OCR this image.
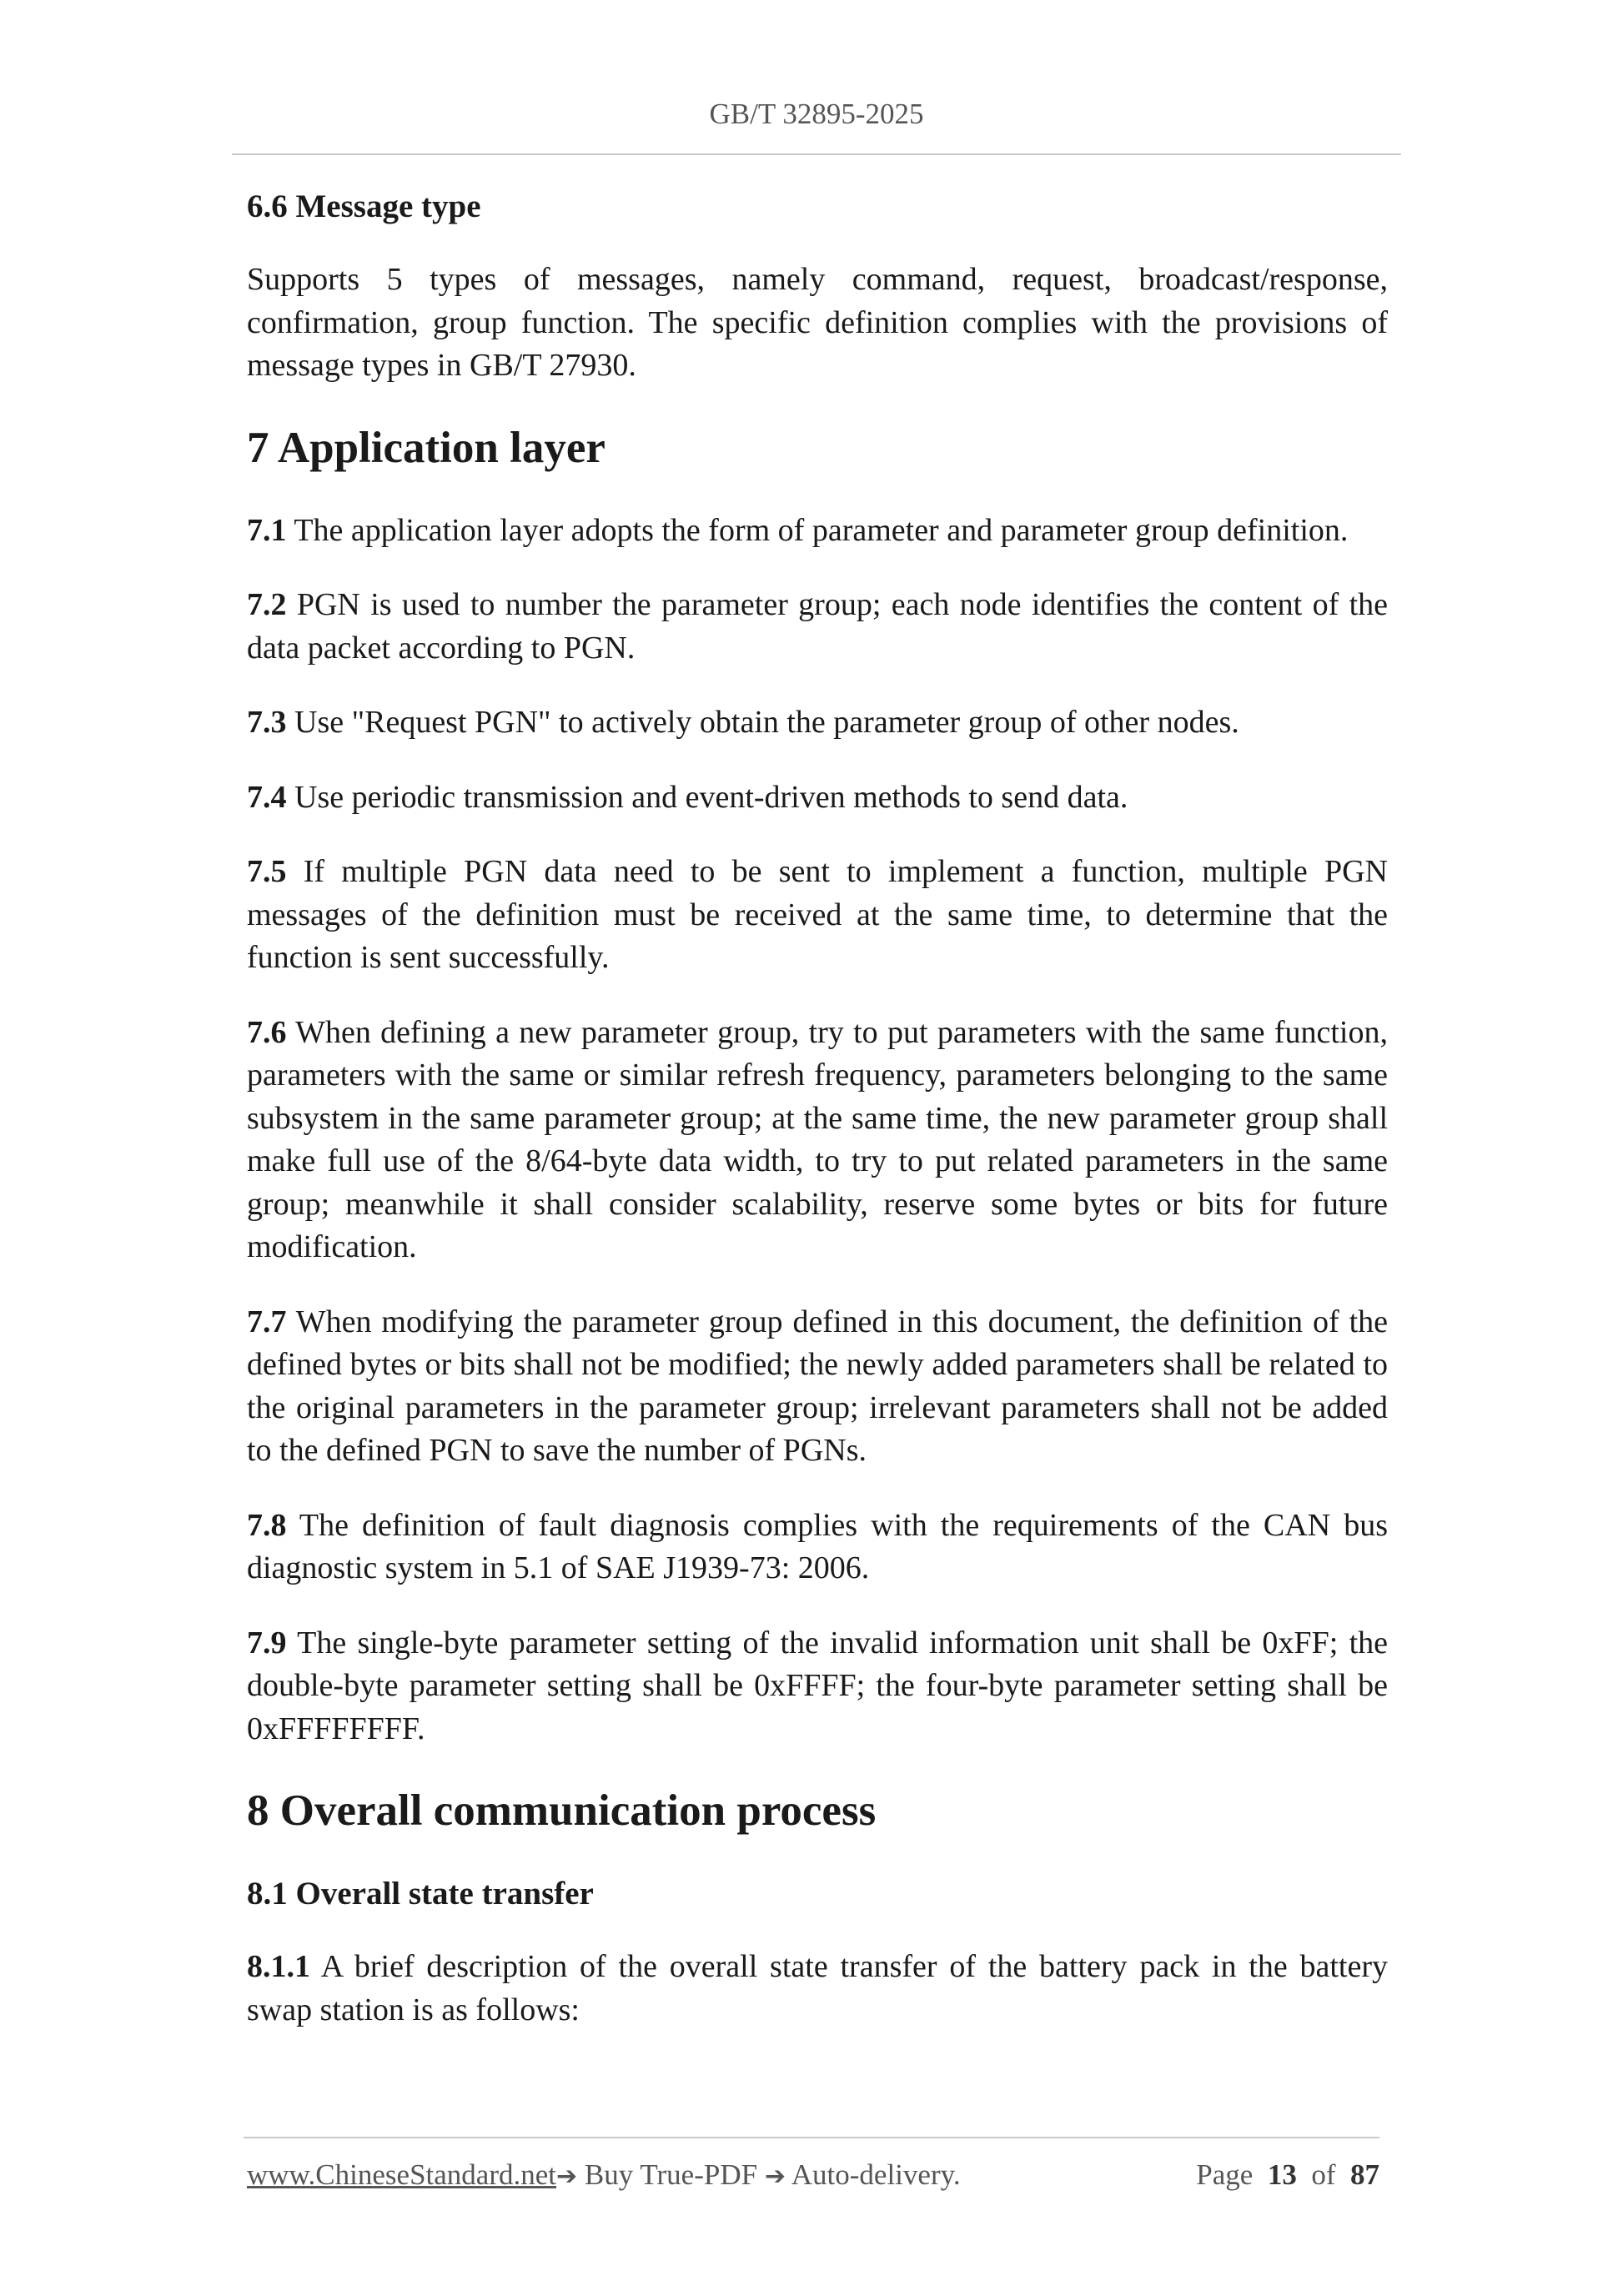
GB/T 32895-2025
6.6 Message type

Supports 5 types of messages, namely command, request, broadcast/response, confirmation, group function. The specific definition complies with the provisions of message types in GB/T 27930.

7 Application layer

7.1 The application layer adopts the form of parameter and parameter group definition.

7.2 PGN is used to number the parameter group; each node identifies the content of the data packet according to PGN.

7.3 Use "Request PGN" to actively obtain the parameter group of other nodes.

7.4 Use periodic transmission and event-driven methods to send data.

7.5 If multiple PGN data need to be sent to implement a function, multiple PGN messages of the definition must be received at the same time, to determine that the function is sent successfully.

7.6 When defining a new parameter group, try to put parameters with the same function, parameters with the same or similar refresh frequency, parameters belonging to the same subsystem in the same parameter group; at the same time, the new parameter group shall make full use of the 8/64-byte data width, to try to put related parameters in the same group; meanwhile it shall consider scalability, reserve some bytes or bits for future modification.

7.7 When modifying the parameter group defined in this document, the definition of the defined bytes or bits shall not be modified; the newly added parameters shall be related to the original parameters in the parameter group; irrelevant parameters shall not be added to the defined PGN to save the number of PGNs.

7.8 The definition of fault diagnosis complies with the requirements of the CAN bus diagnostic system in 5.1 of SAE J1939-73: 2006.

7.9 The single-byte parameter setting of the invalid information unit shall be 0xFF; the double-byte parameter setting shall be 0xFFFF; the four-byte parameter setting shall be 0xFFFFFFFF.

8 Overall communication process
8.1 Overall state transfer

8.1.1 A brief description of the overall state transfer of the battery pack in the battery swap station is as follows:

www.ChineseStandard.net➔ Buy True-PDF ➔ Auto-delivery.	Page 13 of 87
